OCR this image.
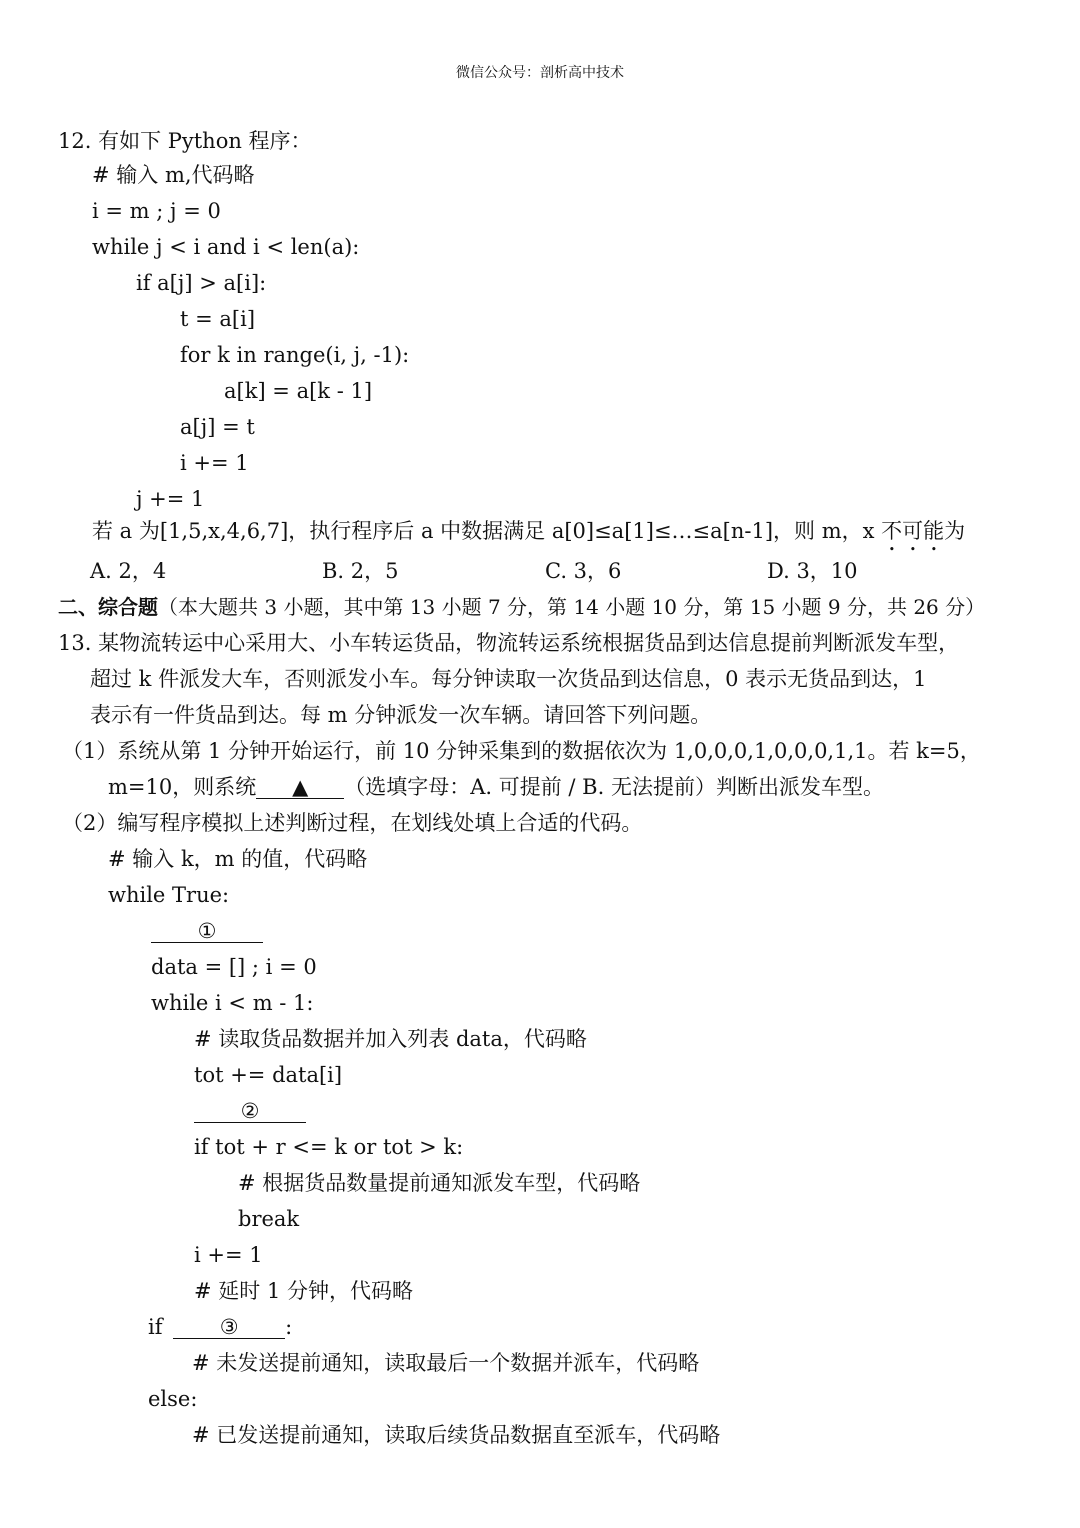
微信公众号：剖析高中技术
12. 有如下 Python 程序：
# 输入 m,代码略
i = m ; j = 0
while j < i and i < len(a):
if a[j] > a[i]:
t = a[i]
for k in range(i, j, -1):
a[k] = a[k - 1]
a[j] = t
i += 1
j += 1
若 a 为[1,5,x,4,6,7]，执行程序后 a 中数据满足 a[0]≤a[1]≤…≤a[n-1]，则 m，x 不可能为
A. 2，4	B. 2，5	C. 3，6	D. 3，10
二、综合题（本大题共 3 小题，其中第 13 小题 7 分，第 14 小题 10 分，第 15 小题 9 分，共 26 分）
13. 某物流转运中心采用大、小车转运货品，物流转运系统根据货品到达信息提前判断派发车型，
超过 k 件派发大车，否则派发小车。每分钟读取一次货品到达信息，0 表示无货品到达，1
表示有一件货品到达。每 m 分钟派发一次车辆。请回答下列问题。
（1）系统从第 1 分钟开始运行，前 10 分钟采集到的数据依次为 1,0,0,0,1,0,0,0,1,1。若 k=5，
m=10，则系统 ▲ （选填字母：A. 可提前 / B. 无法提前）判断出派发车型。
（2）编写程序模拟上述判断过程，在划线处填上合适的代码。
# 输入 k，m 的值，代码略
while True:
①
data = [] ; i = 0
while i < m - 1:
# 读取货品数据并加入列表 data，代码略
tot += data[i]
②
if tot + r <= k or tot > k:
# 根据货品数量提前通知派发车型，代码略
break
i += 1
# 延时 1 分钟，代码略
if ③ :
# 未发送提前通知，读取最后一个数据并派车，代码略
else:
# 已发送提前通知，读取后续货品数据直至派车，代码略
